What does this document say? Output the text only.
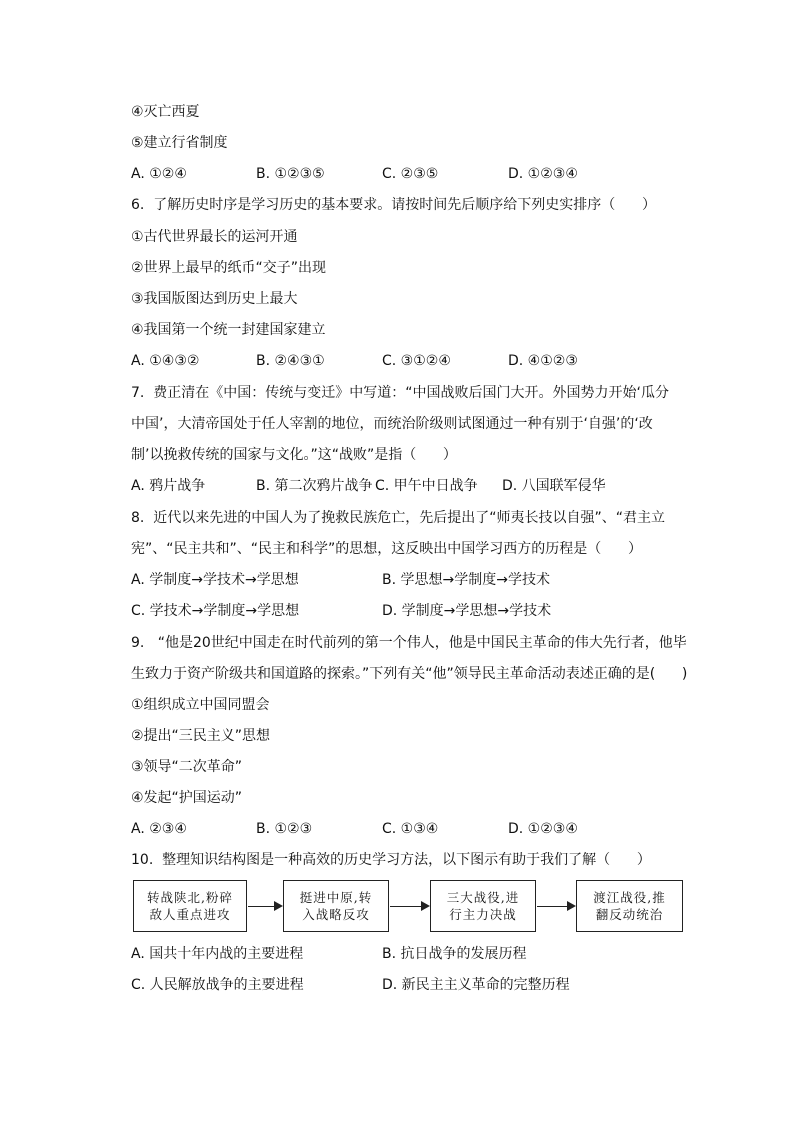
④灭亡西夏
⑤建立行省制度
A. ①②④	B. ①②③⑤	C. ②③⑤	D. ①②③④
6.  了解历史时序是学习历史的基本要求。请按时间先后顺序给下列史实排序（      ）
①古代世界最长的运河开通
②世界上最早的纸币“交子”出现
③我国版图达到历史上最大
④我国第一个统一封建国家建立
A. ①④③②	B. ②④③①	C. ③①②④	D. ④①②③
7.  费正清在《中国：传统与变迁》中写道：“中国战败后国门大开。外国势力开始‘瓜分
中国’，大清帝国处于任人宰割的地位，而统治阶级则试图通过一种有别于‘自强’的‘改
制’以挽救传统的国家与文化。”这“战败”是指（      ）
A. 鸦片战争	B. 第二次鸦片战争 C. 甲午中日战争 D. 八国联军侵华
8.  近代以来先进的中国人为了挽救民族危亡，先后提出了“师夷长技以自强”、“君主立
宪”、“民主共和”、“民主和科学”的思想，这反映出中国学习西方的历程是（      ）
A. 学制度→学技术→学思想	B. 学思想→学制度→学技术
C. 学技术→学制度→学思想	D. 学制度→学思想→学技术
9.   “他是20世纪中国走在时代前列的第一个伟人，他是中国民主革命的伟大先行者，他毕
生致力于资产阶级共和国道路的探索。”下列有关“他”领导民主革命活动表述正确的是(      )
①组织成立中国同盟会
②提出“三民主义”思想
③领导“二次革命”
④发起“护国运动”
A. ②③④	B. ①②③	C. ①③④	D. ①②③④
10.  整理知识结构图是一种高效的历史学习方法，以下图示有助于我们了解（      ）
转战陕北,粉碎
敌人重点进攻
挺进中原,转
入战略反攻
三大战役,进
行主力决战
渡江战役,推
翻反动统治
A. 国共十年内战的主要进程	B. 抗日战争的发展历程
C. 人民解放战争的主要进程	D. 新民主主义革命的完整历程
